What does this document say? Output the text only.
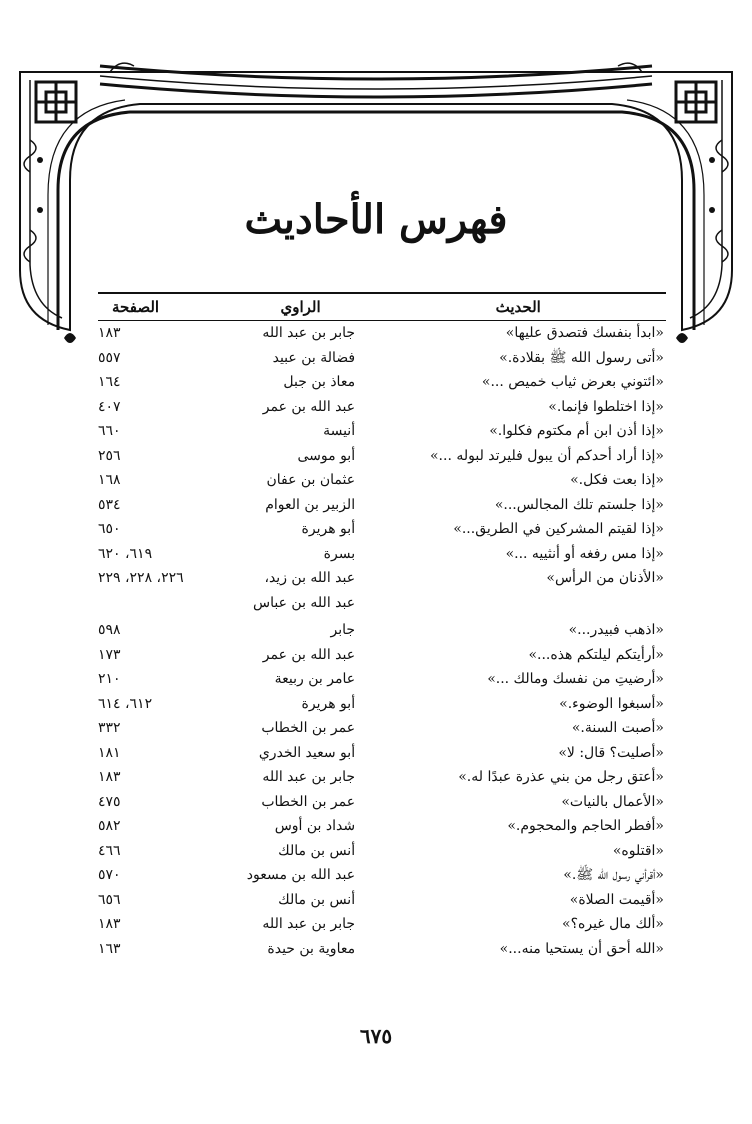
فهرس الأحاديث
الحديث
الراوي
الصفحة
«ابدأ بنفسك فتصدق عليها»
جابر بن عبد الله
١٨٣
«أتى رسول الله ﷺ بقلادة.»
فضالة بن عبيد
٥٥٧
«ائتوني بعرض ثياب خميص ...»
معاذ بن جبل
١٦٤
«إذا اختلطوا فإنما.»
عبد الله بن عمر
٤٠٧
«إذا أذن ابن أم مكتوم فكلوا.»
أنيسة
٦٦٠
«إذا أراد أحدكم أن يبول فليرتد لبوله ...»
أبو موسى
٢٥٦
«إذا بعت فكل.»
عثمان بن عفان
١٦٨
«إذا جلستم تلك المجالس...»
الزبير بن العوام
٥٣٤
«إذا لقيتم المشركين في الطريق...»
أبو هريرة
٦٥٠
«إذا مس رفغه أو أنثييه ...»
بسرة
٦١٩، ٦٢٠
«الأذنان من الرأس»
عبد الله بن زيد،
عبد الله بن عباس
٢٢٦، ٢٢٨، ٢٢٩
«اذهب فبيدر...»
جابر
٥٩٨
«أرأيتكم ليلتكم هذه...»
عبد الله بن عمر
١٧٣
«أرضيتِ من نفسك ومالك ...»
عامر بن ربيعة
٢١٠
«أسبغوا الوضوء.»
أبو هريرة
٦١٢، ٦١٤
«أصبت السنة.»
عمر بن الخطاب
٣٣٢
«أصليت؟ قال: لا»
أبو سعيد الخدري
١٨١
«أعتق رجل من بني عذرة عبدًا له.»
جابر بن عبد الله
١٨٣
«الأعمال بالنيات»
عمر بن الخطاب
٤٧٥
«أفطر الحاجم والمحجوم.»
شداد بن أوس
٥٨٢
«اقتلوه»
أنس بن مالك
٤٦٦
«أقرأني رسول الله ﷺ.»
عبد الله بن مسعود
٥٧٠
«أقيمت الصلاة»
أنس بن مالك
٦٥٦
«ألك مال غيره؟»
جابر بن عبد الله
١٨٣
«الله أحق أن يستحيا منه...»
معاوية بن حيدة
١٦٣
٦٧٥
